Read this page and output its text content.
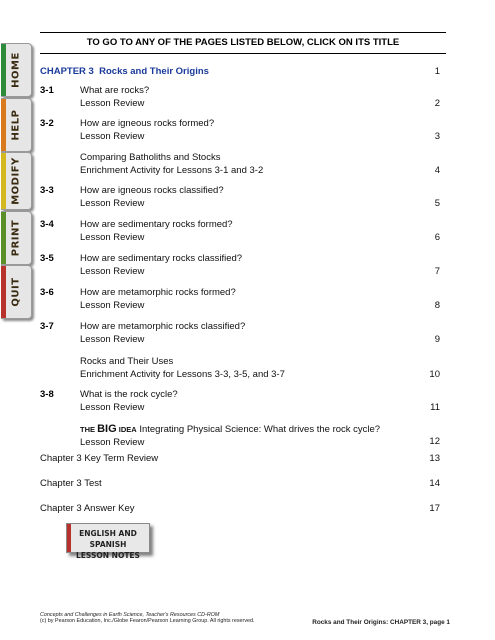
HOME
HELP
MODIFY
PRINT
QUIT
TO GO TO ANY OF THE PAGES LISTED BELOW, CLICK ON ITS TITLE
CHAPTER 3 Rocks and Their Origins	1
3-1	What are rocks?
Lesson Review	2
3-2	How are igneous rocks formed?
Lesson Review	3
Comparing Batholiths and Stocks
Enrichment Activity for Lessons 3-1 and 3-2	4
3-3	How are igneous rocks classified?
Lesson Review	5
3-4	How are sedimentary rocks formed?
Lesson Review	6
3-5	How are sedimentary rocks classified?
Lesson Review	7
3-6	How are metamorphic rocks formed?
Lesson Review	8
3-7	How are metamorphic rocks classified?
Lesson Review	9
Rocks and Their Uses
Enrichment Activity for Lessons 3-3, 3-5, and 3-7	10
3-8	What is the rock cycle?
Lesson Review	11
THE BIG IDEA Integrating Physical Science: What drives the rock cycle?
Lesson Review	12
Chapter 3 Key Term Review	13
Chapter 3 Test	14
Chapter 3 Answer Key	17
ENGLISH AND SPANISH
LESSON NOTES
Concepts and Challenges in Earth Science, Teacher's Resources CD-ROM
(c) by Pearson Education, Inc./Globe Fearon/Pearson Learning Group. All rights reserved.	Rocks and Their Origins: CHAPTER 3, page 1
